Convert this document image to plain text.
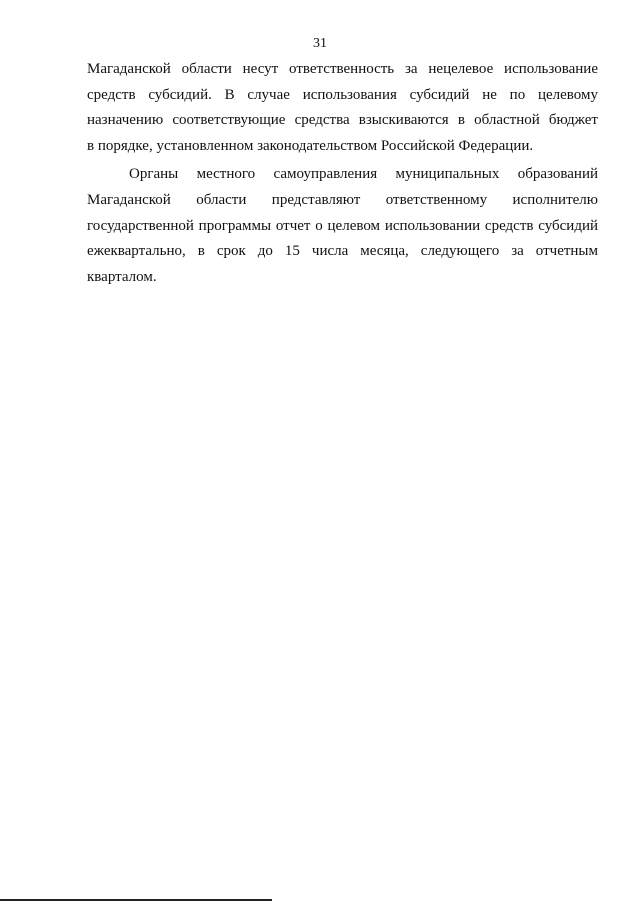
31
Магаданской области несут ответственность за нецелевое использование
средств субсидий. В случае использования субсидий не по целевому
назначению соответствующие средства взыскиваются в областной бюджет
в порядке, установленном законодательством Российской Федерации.
Органы местного самоуправления муниципальных образований
Магаданской области представляют ответственному исполнителю
государственной программы отчет о целевом использовании средств субсидий
ежеквартально, в срок до 15 числа месяца, следующего за отчетным
кварталом.
